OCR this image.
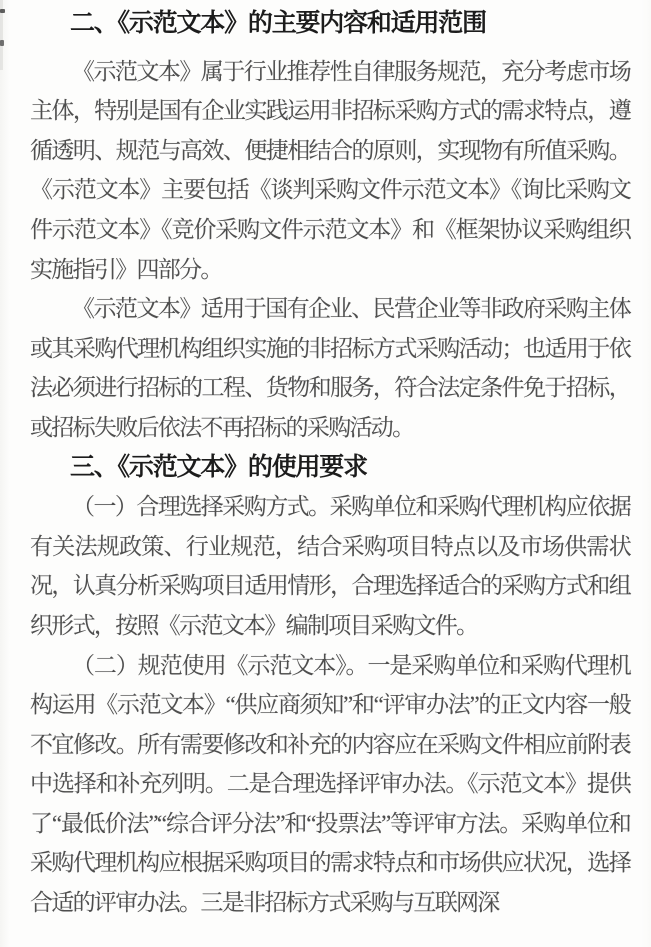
二、《示范文本》的主要内容和适用范围

《示范文本》属于行业推荐性自律服务规范，充分考虑市场主体，特别是国有企业实践运用非招标采购方式的需求特点，遵循透明、规范与高效、便捷相结合的原则，实现物有所值采购。《示范文本》主要包括《谈判采购文件示范文本》《询比采购文件示范文本》《竞价采购文件示范文本》和《框架协议采购组织实施指引》四部分。

《示范文本》适用于国有企业、民营企业等非政府采购主体或其采购代理机构组织实施的非招标方式采购活动；也适用于依法必须进行招标的工程、货物和服务，符合法定条件免于招标，或招标失败后依法不再招标的采购活动。

三、《示范文本》的使用要求

（一）合理选择采购方式。采购单位和采购代理机构应依据有关法规政策、行业规范，结合采购项目特点以及市场供需状况，认真分析采购项目适用情形，合理选择适合的采购方式和组织形式，按照《示范文本》编制项目采购文件。

（二）规范使用《示范文本》。一是采购单位和采购代理机构运用《示范文本》“供应商须知”和“评审办法”的正文内容一般不宜修改。所有需要修改和补充的内容应在采购文件相应前附表中选择和补充列明。二是合理选择评审办法。《示范文本》提供了“最低价法”“综合评分法”和“投票法”等评审方法。采购单位和采购代理机构应根据采购项目的需求特点和市场供应状况，选择合适的评审办法。三是非招标方式采购与互联网深
